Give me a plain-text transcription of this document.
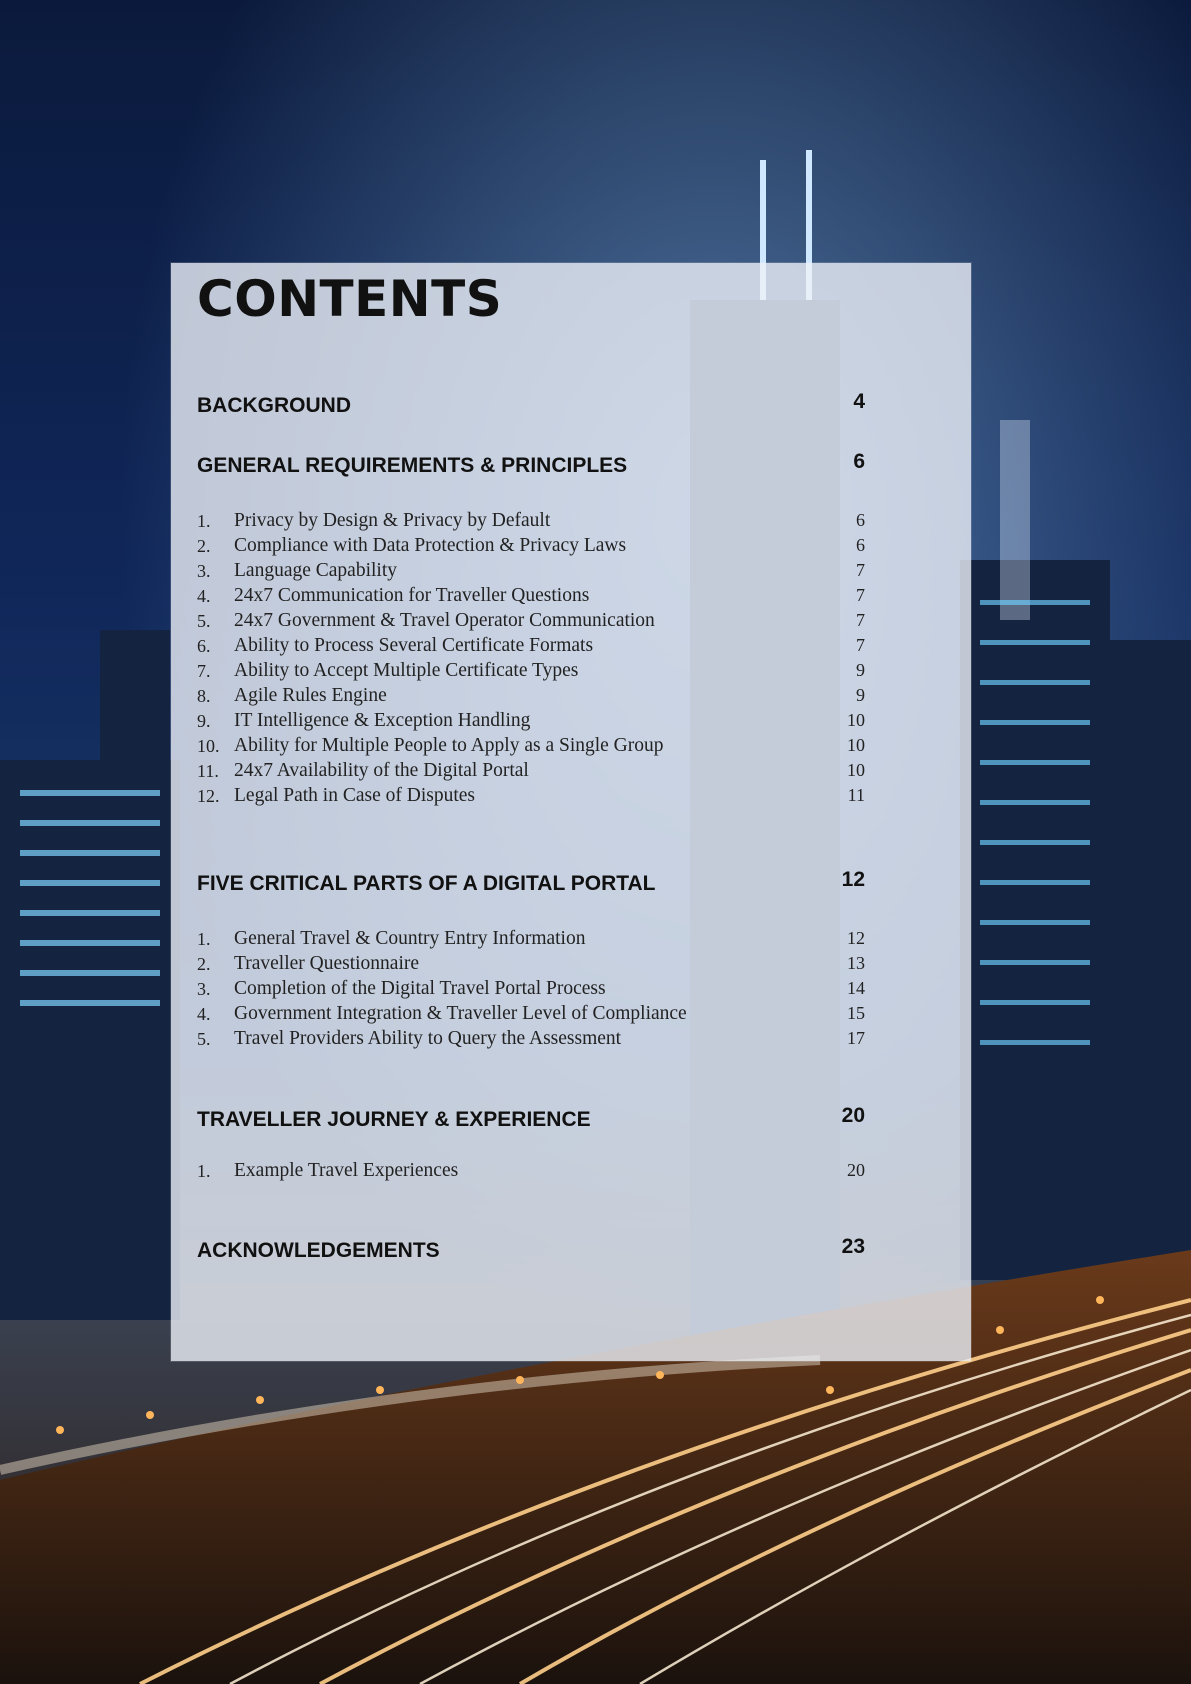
CONTENTS
BACKGROUND	4
GENERAL REQUIREMENTS & PRINCIPLES	6
1. Privacy by Design & Privacy by Default	6
2. Compliance with Data Protection & Privacy Laws	6
3. Language Capability	7
4. 24x7 Communication for Traveller Questions	7
5. 24x7 Government & Travel Operator Communication	7
6. Ability to Process Several Certificate Formats	7
7. Ability to Accept Multiple Certificate Types	9
8. Agile Rules Engine	9
9. IT Intelligence & Exception Handling	10
10. Ability for Multiple People to Apply as a Single Group	10
11. 24x7 Availability of the Digital Portal	10
12. Legal Path in Case of Disputes	11
FIVE CRITICAL PARTS OF A DIGITAL PORTAL	12
1. General Travel & Country Entry Information	12
2. Traveller Questionnaire	13
3. Completion of the Digital Travel Portal Process	14
4. Government Integration & Traveller Level of Compliance	15
5. Travel Providers Ability to Query the Assessment	17
TRAVELLER JOURNEY & EXPERIENCE	20
1. Example Travel Experiences	20
ACKNOWLEDGEMENTS	23
